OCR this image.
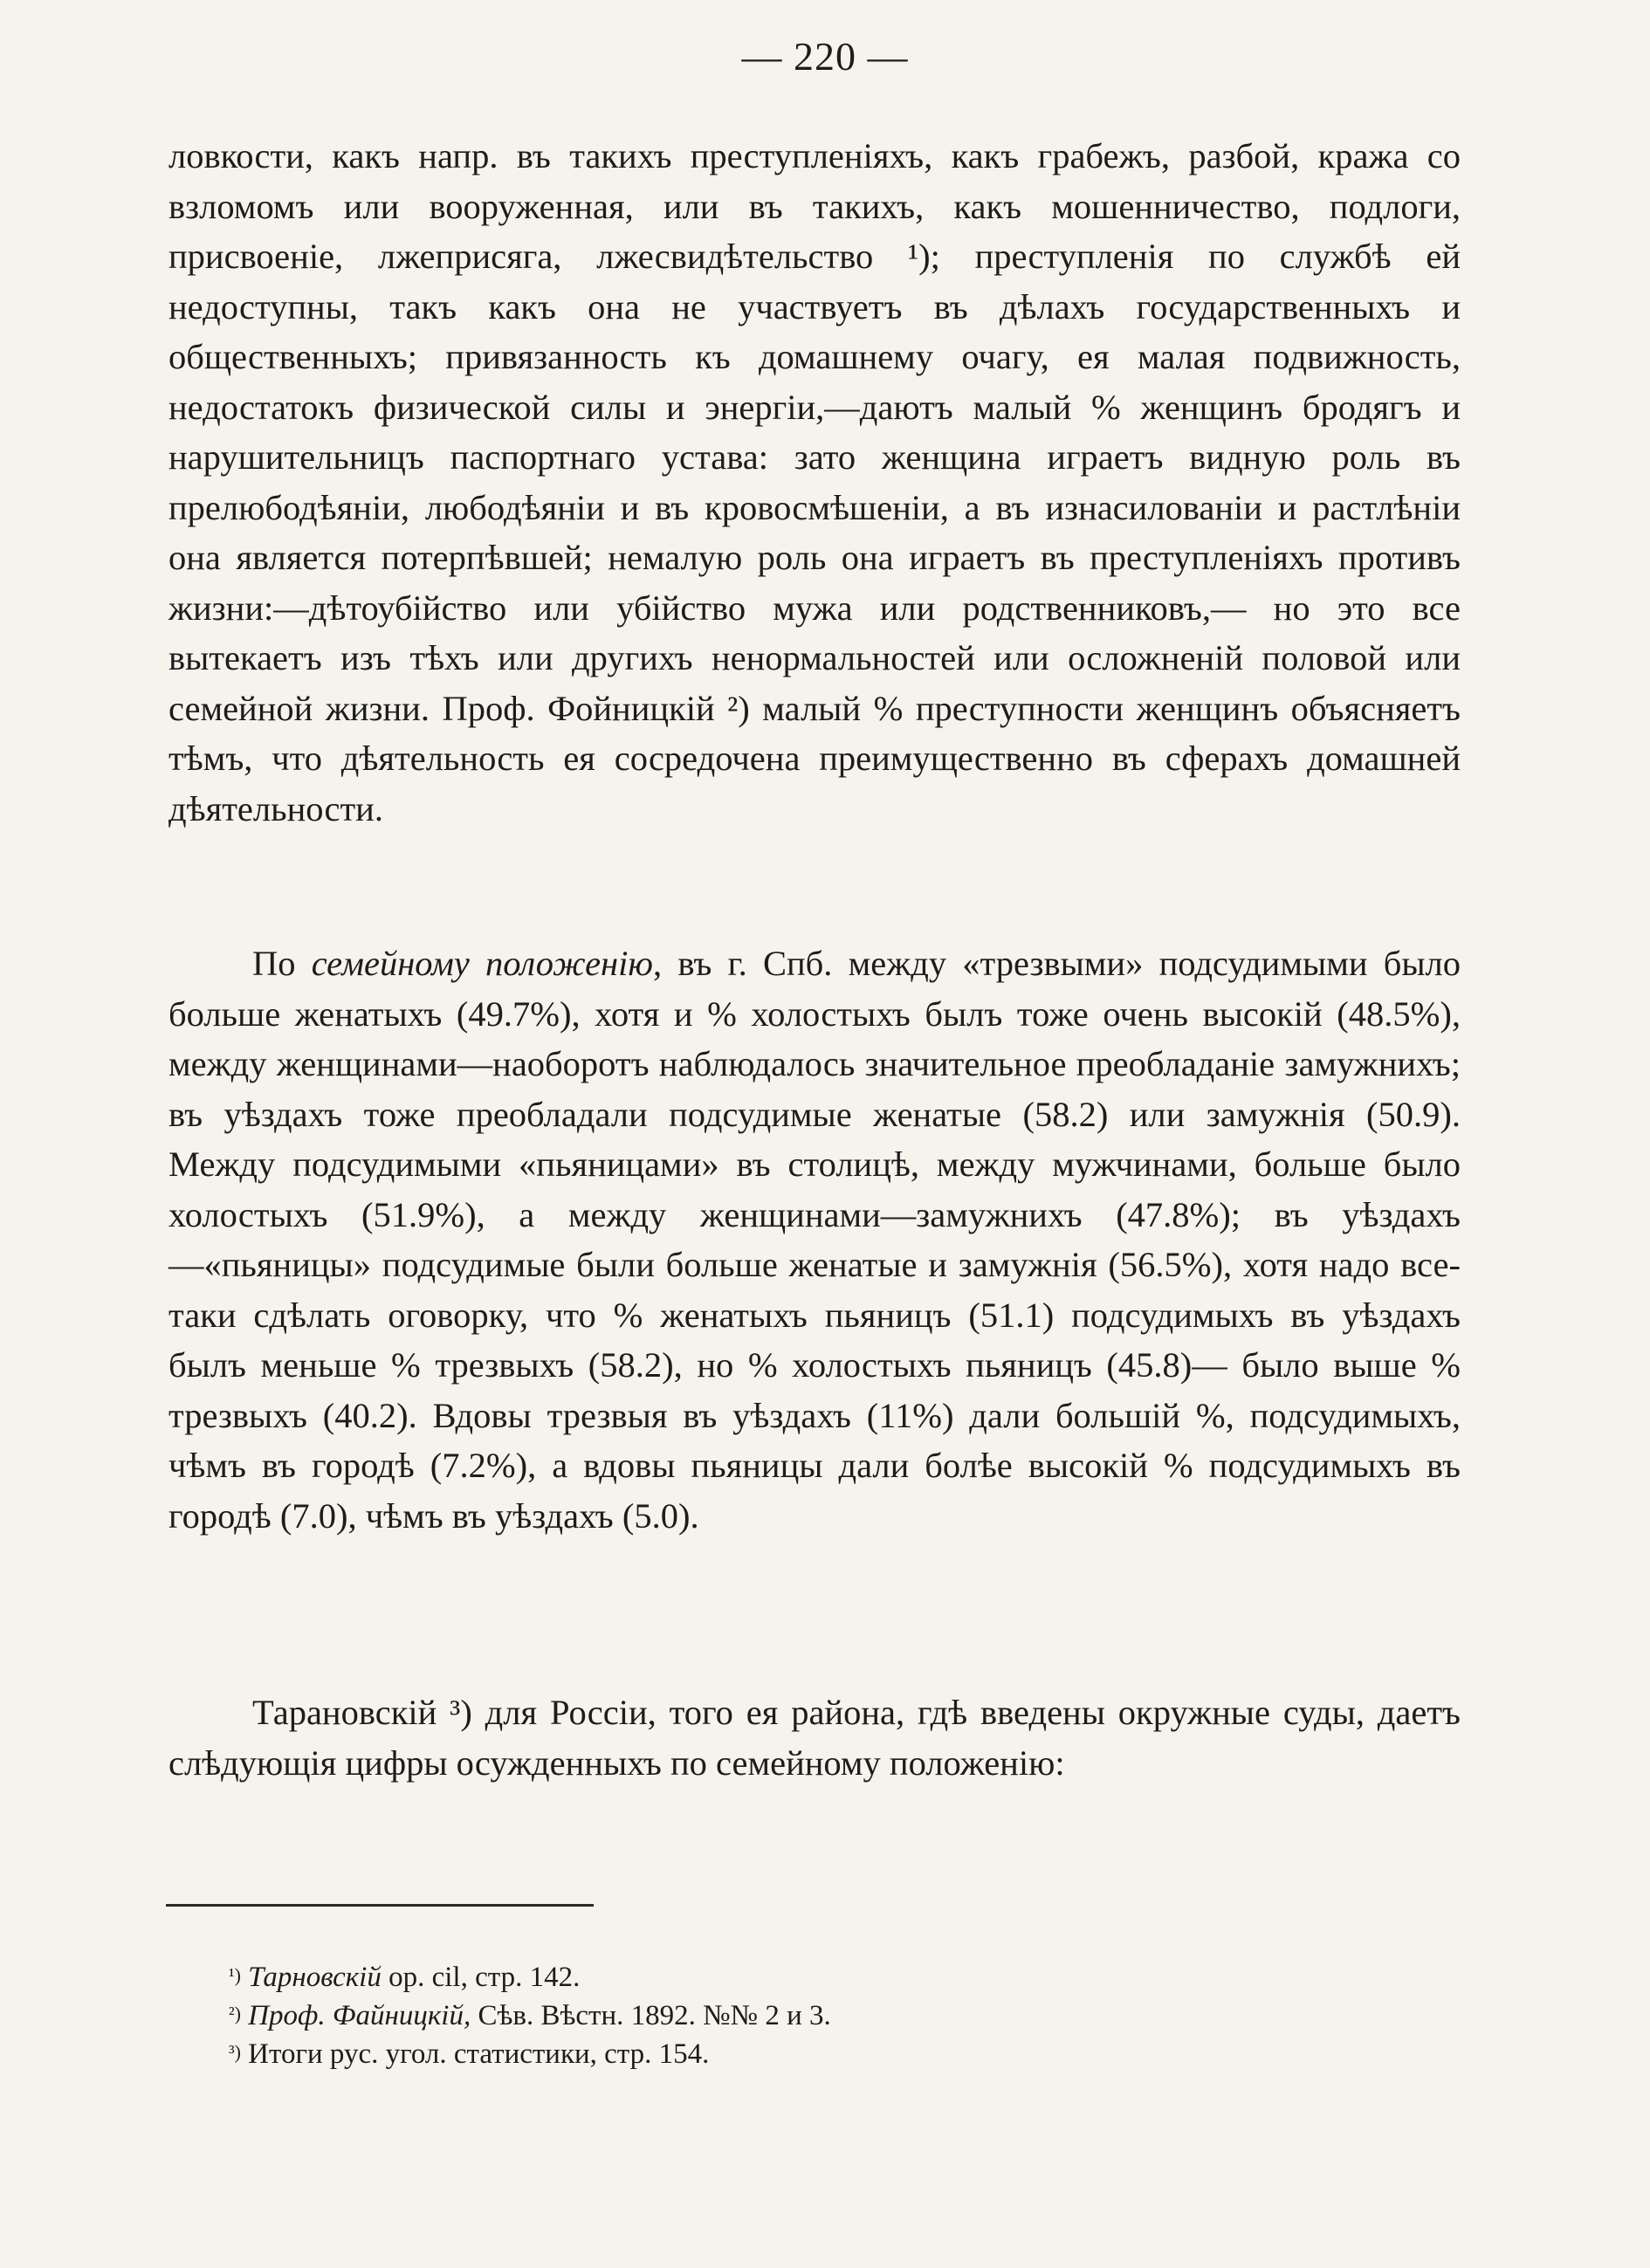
— 220 —

ловкости, какъ напр. въ такихъ преступленіяхъ, какъ грабежъ, разбой, кража со взломомъ или вооруженная, или въ такихъ, какъ мошенничество, подлоги, присвоеніе, лжеприсяга, лжесвидѣтельство ¹); преступленія по службѣ ей недоступны, такъ какъ она не участвуетъ въ дѣлахъ государственныхъ и общественныхъ; привязанность къ домашнему очагу, ея малая подвижность, недостатокъ физической силы и энергіи,—даютъ малый % женщинъ бродягъ и нарушительницъ паспортнаго устава: зато женщина играетъ видную роль въ прелюбодѣяніи, любодѣяніи и въ кровосмѣшеніи, а въ изнасилованіи и растлѣніи она является потерпѣвшей; немалую роль она играетъ въ преступленіяхъ противъ жизни:—дѣтоубійство или убійство мужа или родственниковъ,— но это все вытекаетъ изъ тѣхъ или другихъ ненормальностей или осложненій половой или семейной жизни. Проф. Фойницкій ²) малый % преступности женщинъ объясняетъ тѣмъ, что дѣятельность ея сосредочена преимущественно въ сферахъ домашней дѣятельности.

По семейному положенію, въ г. Спб. между «трезвыми» подсудимыми было больше женатыхъ (49.7%), хотя и % холостыхъ былъ тоже очень высокій (48.5%), между женщинами—наоборотъ наблюдалось значительное преобладаніе замужнихъ; въ уѣздахъ тоже преобладали подсудимые женатые (58.2) или замужнія (50.9). Между подсудимыми «пьяницами» въ столицѣ, между мужчинами, больше было холостыхъ (51.9%), а между женщинами—замужнихъ (47.8%); въ уѣздахъ—«пьяницы» подсудимые были больше женатые и замужнія (56.5%), хотя надо все-таки сдѣлать оговорку, что % женатыхъ пьяницъ (51.1) подсудимыхъ въ уѣздахъ былъ меньше % трезвыхъ (58.2), но % холостыхъ пьяницъ (45.8)— было выше % трезвыхъ (40.2). Вдовы трезвыя въ уѣздахъ (11%) дали большій %, подсудимыхъ, чѣмъ въ городѣ (7.2%), а вдовы пьяницы дали болѣе высокій % подсудимыхъ въ городѣ (7.0), чѣмъ въ уѣздахъ (5.0).

Тарановскій ³) для Россіи, того ея района, гдѣ введены окружные суды, даетъ слѣдующія цифры осужденныхъ по семейному положенію:

$^{^1)}$ Тарновскій ор. cil, стр. 142.
$^{^2)}$ Проф. Файницкій, Сѣв. Вѣстн. 1892. №№ 2 и 3.
$^{^3)}$ Итоги рус. угол. статистики, стр. 154.
